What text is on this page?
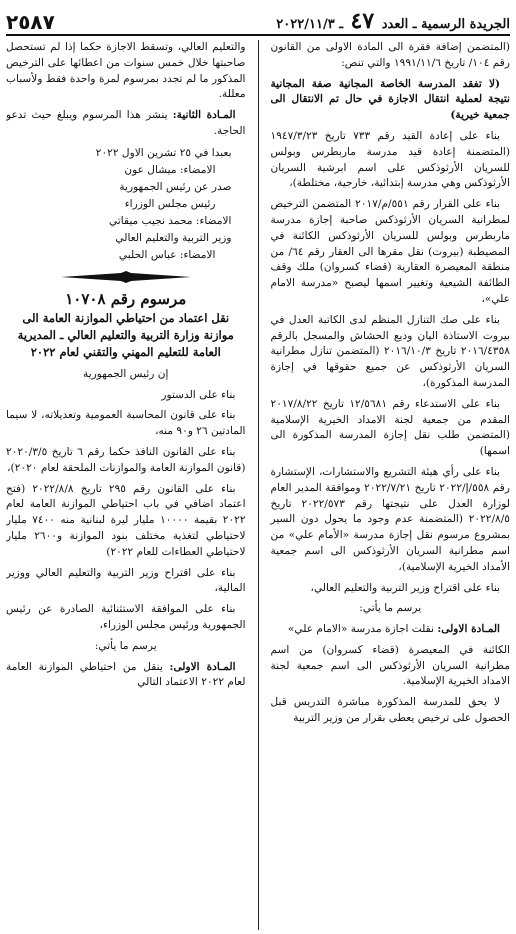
الجريدة الرسمية ـ العدد ٤٧ ـ ٢٠٢٢/١١/٣
٢٥٨٧

(المتضمن إضافة فقرة الى المادة الاولى من القانون رقم ١٠٤/ تاريخ ١٩٩١/١١/٦ والتي تنص:

(لا تفقد المدرسة الخاصة المجانية صفة المجانية نتيجة لعملية انتقال الاجازة في حال تم الانتقال الى جمعية خيرية)

بناء على إعادة القيد رقم ٧٣٣ تاريخ ١٩٤٧/٣/٢٣ (المتضمنة إعادة قيد مدرسة ماربطرس وبولس للسريان الأرثوذكس على اسم ابرشية السريان الأرثوذكس وهي مدرسة إبتدائية، خارجية، مختلطة)،

بناء على القرار رقم ٥٥١/م/٢٠١٧ المتضمن الترخيص لمطرانية السريان الأرثوذكس صاحبة إجازة مدرسة ماربطرس وبولس للسريان الأرثوذكس الكائنة في المصيطبة (بيروت) نقل مقرها الى العقار رقم ٦٤/ من منطقة المعيصرة العقارية (قضاء كسروان) ملك وقف الطائفة الشيعية وتغيير اسمها ليصبح «مدرسة الامام علي»،

بناء على صك التنازل المنظم لدى الكاتبة العدل في بيروت الاستاذة اليان وديع الحشاش والمسجل بالرقم ٢٠١٦/٤٣٥٨ تاريخ ٢٠١٦/١٠/٣ (المتضمن تنازل مطرانية السريان الأرثوذكس عن جميع حقوقها في إجازة المدرسة المذكورة)،

بناء على الاستدعاء رقم ١٢/٥٦٨١ تاريخ ٢٠١٧/٨/٢٢ المقدم من جمعية لجنة الامداد الخيرية الإسلامية (المتضمن طلب نقل إجازة المدرسة المذكورة الى اسمها)

بناء على رأي هيئة التشريع والاستشارات، الإستشارة رقم ٥٥٨/إ/٢٠٢٢ تاريخ ٢٠٢٢/٧/٢١ وموافقة المدير العام لوزارة العدل على نتيجتها رقم ٢٠٢٢/٥٧٣ تاريخ ٢٠٢٢/٨/٥ (المتضمنة عدم وجود ما يحول دون السير بمشروع مرسوم نقل إجازة مدرسة «الأمام علي» من اسم مطرانية السريان الأرثوذكس الى اسم جمعية الأمداد الخيرية الإسلامية)،

بناء على اقتراح وزير التربية والتعليم العالي،

يرسم ما يأتي:

المـادة الاولى: نقلت اجازة مدرسة «الامام علي»

الكائنة في المعيصرة (قضاء كسروان) من اسم مطرانية السريان الأرثوذكس الى اسم جمعية لجنة الامداد الخيرية الإسلامية.

لا يحق للمدرسة المذكورة مباشرة التدريس قبل الحصول على ترخيص يعطى بقرار من وزير التربية

والتعليم العالي، وتسقط الاجازة حكما إذا لم تستحصل صاحبتها خلال خمس سنوات من اعطائها على الترخيص المذكور ما لم تجدد بمرسوم لمرة واحدة فقط ولأسباب معللة.

المـادة الثانية: ينشر هذا المرسوم ويبلغ حيث تدعو الحاجة.

بعبدا في ٢٥ تشرين الاول ٢٠٢٢

الامضاء: ميشال عون

صدر عن رئيس الجمهورية

رئيس مجلس الوزراء

الامضاء: محمد نجيب ميقاتي

وزير التربية والتعليم العالي

الامضاء: عباس الحلبي

مرسوم رقم ١٠٧٠٨
نقل اعتماد من احتياطي الموازنة العامة الى موازنة وزارة التربية والتعليم العالي ـ المديرية العامة للتعليم المهني والتقني لعام ٢٠٢٢

إن رئيس الجمهورية

بناء على الدستور

بناء على قانون المحاسبة العمومية وتعديلاته، لا سيما المادتين ٢٦ و٩٠ منه،

بناء على القانون النافذ حكما رقم ٦ تاريخ ٢٠٢٠/٣/٥ (قانون الموازنة العامة والموازنات الملحقة لعام ٢٠٢٠)،

بناء على القانون رقم ٢٩٥ تاريخ ٢٠٢٢/٨/٨ (فتح اعتماد اضافي في باب احتياطي الموازنة العامة لعام ٢٠٢٢ بقيمة ١٠٠٠٠ مليار ليرة لبنانية منه ٧٤٠٠ مليار لاحتياطي لتغذية مختلف بنود الموازنة و٢٦٠٠ مليار لاحتياطي العطاءات للعام ٢٠٢٢)

بناء على اقتراح وزير التربية والتعليم العالي ووزير المالية،

بناء على الموافقة الاستثنائية الصادرة عن رئيس الجمهورية ورئيس مجلس الوزراء،

يرسم ما يأتي:

المـادة الاولى: ينقل من احتياطي الموازنة العامة لعام ٢٠٢٢ الاعتماد التالي
